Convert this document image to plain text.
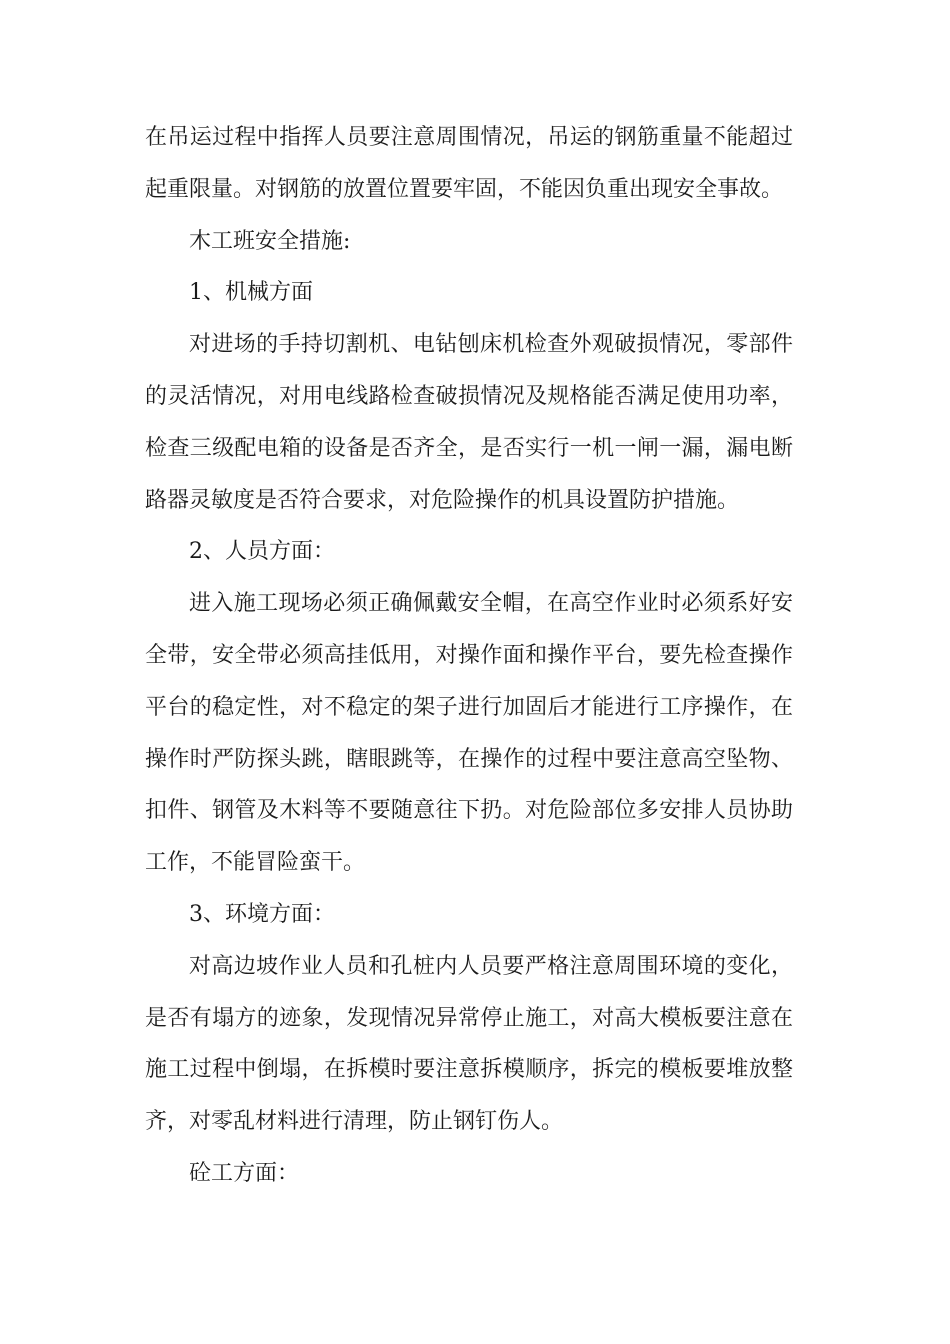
在吊运过程中指挥人员要注意周围情况，吊运的钢筋重量不能超过起重限量。对钢筋的放置位置要牢固，不能因负重出现安全事故。

木工班安全措施:

1、机械方面

对进场的手持切割机、电钻刨床机检查外观破损情况，零部件的灵活情况，对用电线路检查破损情况及规格能否满足使用功率，检查三级配电箱的设备是否齐全，是否实行一机一闸一漏，漏电断路器灵敏度是否符合要求，对危险操作的机具设置防护措施。

2、人员方面：

进入施工现场必须正确佩戴安全帽，在高空作业时必须系好安全带，安全带必须高挂低用，对操作面和操作平台，要先检查操作平台的稳定性，对不稳定的架子进行加固后才能进行工序操作，在操作时严防探头跳，瞎眼跳等，在操作的过程中要注意高空坠物、扣件、钢管及木料等不要随意往下扔。对危险部位多安排人员协助工作，不能冒险蛮干。

3、环境方面：

对高边坡作业人员和孔桩内人员要严格注意周围环境的变化，是否有塌方的迹象，发现情况异常停止施工，对高大模板要注意在施工过程中倒塌，在拆模时要注意拆模顺序，拆完的模板要堆放整齐，对零乱材料进行清理，防止钢钉伤人。

砼工方面：
